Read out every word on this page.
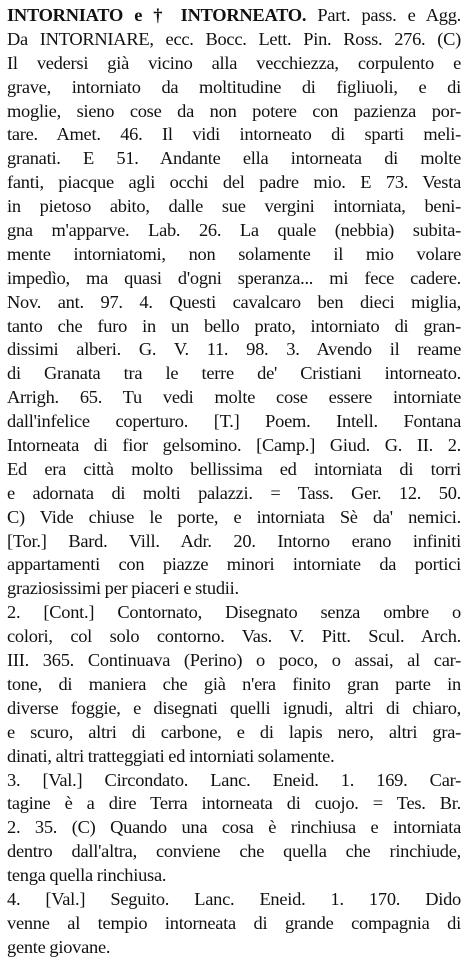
INTORNIATO e † INTORNEATO. Part. pass. e Agg.
Da INTORNIARE, ecc. Bocc. Lett. Pin. Ross. 276. (C)
Il vedersi già vicino alla vecchiezza, corpulento e
grave, intorniato da moltitudine di figliuoli, e di
moglie, sieno cose da non potere con pazienza por-
tare. Amet. 46. Il vidi intorneato di sparti meli-
granati. E 51. Andante ella intorneata di molte
fanti, piacque agli occhi del padre mio. E 73. Vesta
in pietoso abito, dalle sue vergini intorniata, beni-
gna m'apparve. Lab. 26. La quale (nebbia) subita-
mente intorniatomi, non solamente il mio volare
impedìo, ma quasi d'ogni speranza... mi fece cadere.
Nov. ant. 97. 4. Questi cavalcaro ben dieci miglia,
tanto che furo in un bello prato, intorniato di gran-
dissimi alberi. G. V. 11. 98. 3. Avendo il reame
di Granata tra le terre de' Cristiani intorneato.
Arrigh. 65. Tu vedi molte cose essere intorniate
dall'infelice coperturo. [T.] Poem. Intell. Fontana
Intorneata di fior gelsomino. [Camp.] Giud. G. II. 2.
Ed era città molto bellissima ed intorniata di torri
e adornata di molti palazzi. = Tass. Ger. 12. 50.
C) Vide chiuse le porte, e intorniata Sè da' nemici.
[Tor.] Bard. Vill. Adr. 20. Intorno erano infiniti
appartamenti con piazze minori intorniate da portici
graziosissimi per piaceri e studii.
2. [Cont.] Contornato, Disegnato senza ombre o
colori, col solo contorno. Vas. V. Pitt. Scul. Arch.
III. 365. Continuava (Perino) o poco, o assai, al car-
tone, di maniera che già n'era finito gran parte in
diverse foggie, e disegnati quelli ignudi, altri di chiaro,
e scuro, altri di carbone, e di lapis nero, altri gra-
dinati, altri tratteggiati ed intorniati solamente.
3. [Val.] Circondato. Lanc. Eneid. 1. 169. Car-
tagine è a dire Terra intorneata di cuojo. = Tes. Br.
2. 35. (C) Quando una cosa è rinchiusa e intorniata
dentro dall'altra, conviene che quella che rinchiude,
tenga quella rinchiusa.
4. [Val.] Seguito. Lanc. Eneid. 1. 170. Dido
venne al tempio intorneata di grande compagnia di
gente giovane.
